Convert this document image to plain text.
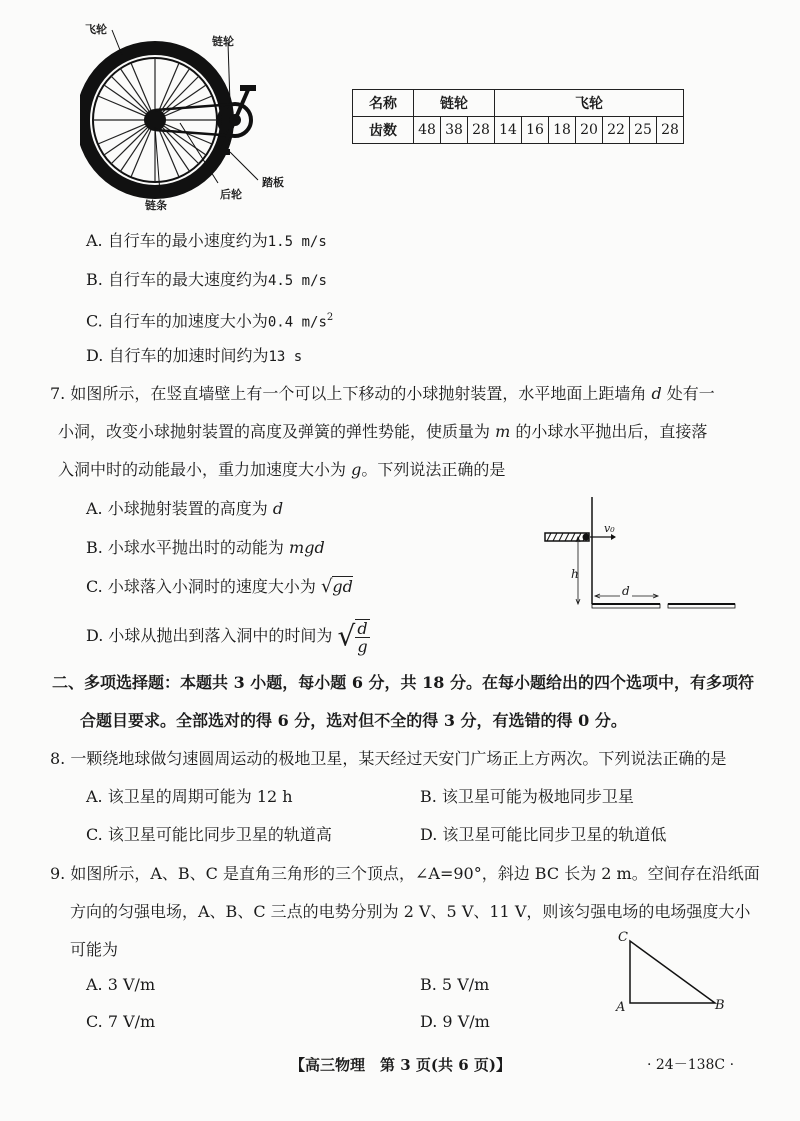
飞轮
链轮
踏板
后轮
链条
名称	链轮			飞轮						
齿数	48	38	28	14	16	18	20	22	25	28
A. 自行车的最小速度约为1.5 m/s
B. 自行车的最大速度约为4.5 m/s
C. 自行车的加速度大小为0.4 $m/s^2$
D. 自行车的加速时间约为13 s
7. 如图所示，在竖直墙壁上有一个可以上下移动的小球抛射装置，水平地面上距墙角 d 处有一
小洞，改变小球抛射装置的高度及弹簧的弹性势能，使质量为 m 的小球水平抛出后，直接落
入洞中时的动能最小，重力加速度大小为 g。下列说法正确的是
A. 小球抛射装置的高度为 d
B. 小球水平抛出时的动能为 mgd
C. 小球落入小洞时的速度大小为 √gd
D. 小球从抛出到落入洞中的时间为 √ $\frac{d}{g}$
v₀
h
d
二、多项选择题：本题共 3 小题，每小题 6 分，共 18 分。在每小题给出的四个选项中，有多项符
合题目要求。全部选对的得 6 分，选对但不全的得 3 分，有选错的得 0 分。
8. 一颗绕地球做匀速圆周运动的极地卫星，某天经过天安门广场正上方两次。下列说法正确的是
A. 该卫星的周期可能为 12 h	B. 该卫星可能为极地同步卫星
C. 该卫星可能比同步卫星的轨道高	D. 该卫星可能比同步卫星的轨道低
9. 如图所示，A、B、C 是直角三角形的三个顶点，∠A=90°，斜边 BC 长为 2 m。空间存在沿纸面
方向的匀强电场，A、B、C 三点的电势分别为 2 V、5 V、11 V，则该匀强电场的电场强度大小
可能为
A. 3 V/m	B. 5 V/m
C. 7 V/m	D. 9 V/m
C
A	B
【高三物理　第 3 页(共 6 页)】	· 24－138C ·
